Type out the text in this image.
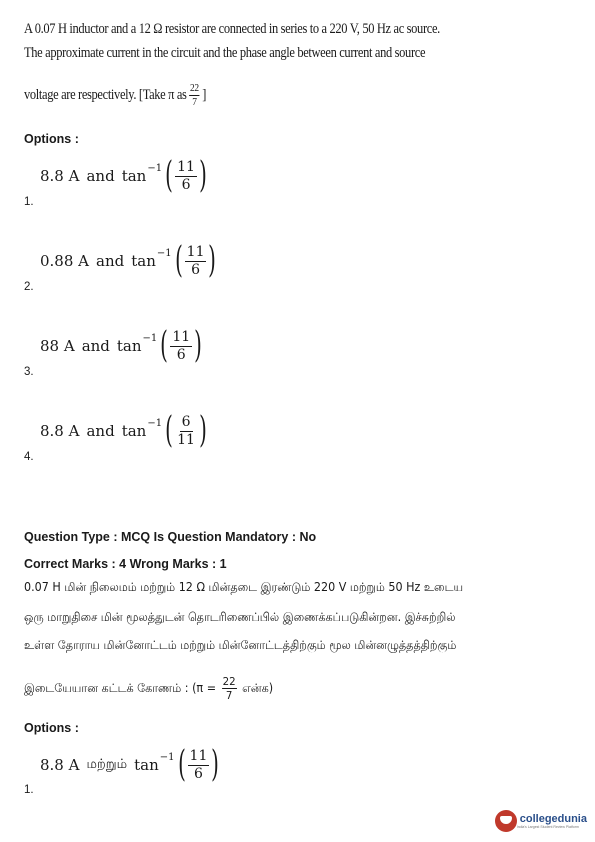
A 0.07 H inductor and a 12 Ω resistor are connected in series to a 220 V, 50 Hz ac source.
The approximate current in the circuit and the phase angle between current and source
voltage are respectively. [Take π as $\frac{22}{7}$ ]
Options :
8.8 A and tan −1 ( $\frac{11}{6}$ )
1.
0.88 A and tan −1 ( $\frac{11}{6}$ )
2.
88 A and tan −1 ( $\frac{11}{6}$ )
3.
8.8 A and tan −1 ( $\frac{6}{11}$ )
4.
Question Type : MCQ Is Question Mandatory : No
Correct Marks : 4 Wrong Marks : 1
0.07 H மின் நிலைமம் மற்றும் 12 Ω மின்தடை இரண்டும் 220 V மற்றும் 50 Hz உடைய
ஒரு மாறுதிசை மின் மூலத்துடன் தொடரிணைப்பில் இணைக்கப்படுகின்றன. இச்சுற்றில்
உள்ள தோராய மின்னோட்டம் மற்றும் மின்னோட்டத்திற்கும் மூல மின்னழுத்தத்திற்கும்
இடையேயான கட்டக் கோணம் : ($\pi = \frac{22}{7}$ என்க)
Options :
8.8 A மற்றும் tan −1 ( $\frac{11}{6}$ )
1.
collegedunia
India's Largest Student Review Platform
